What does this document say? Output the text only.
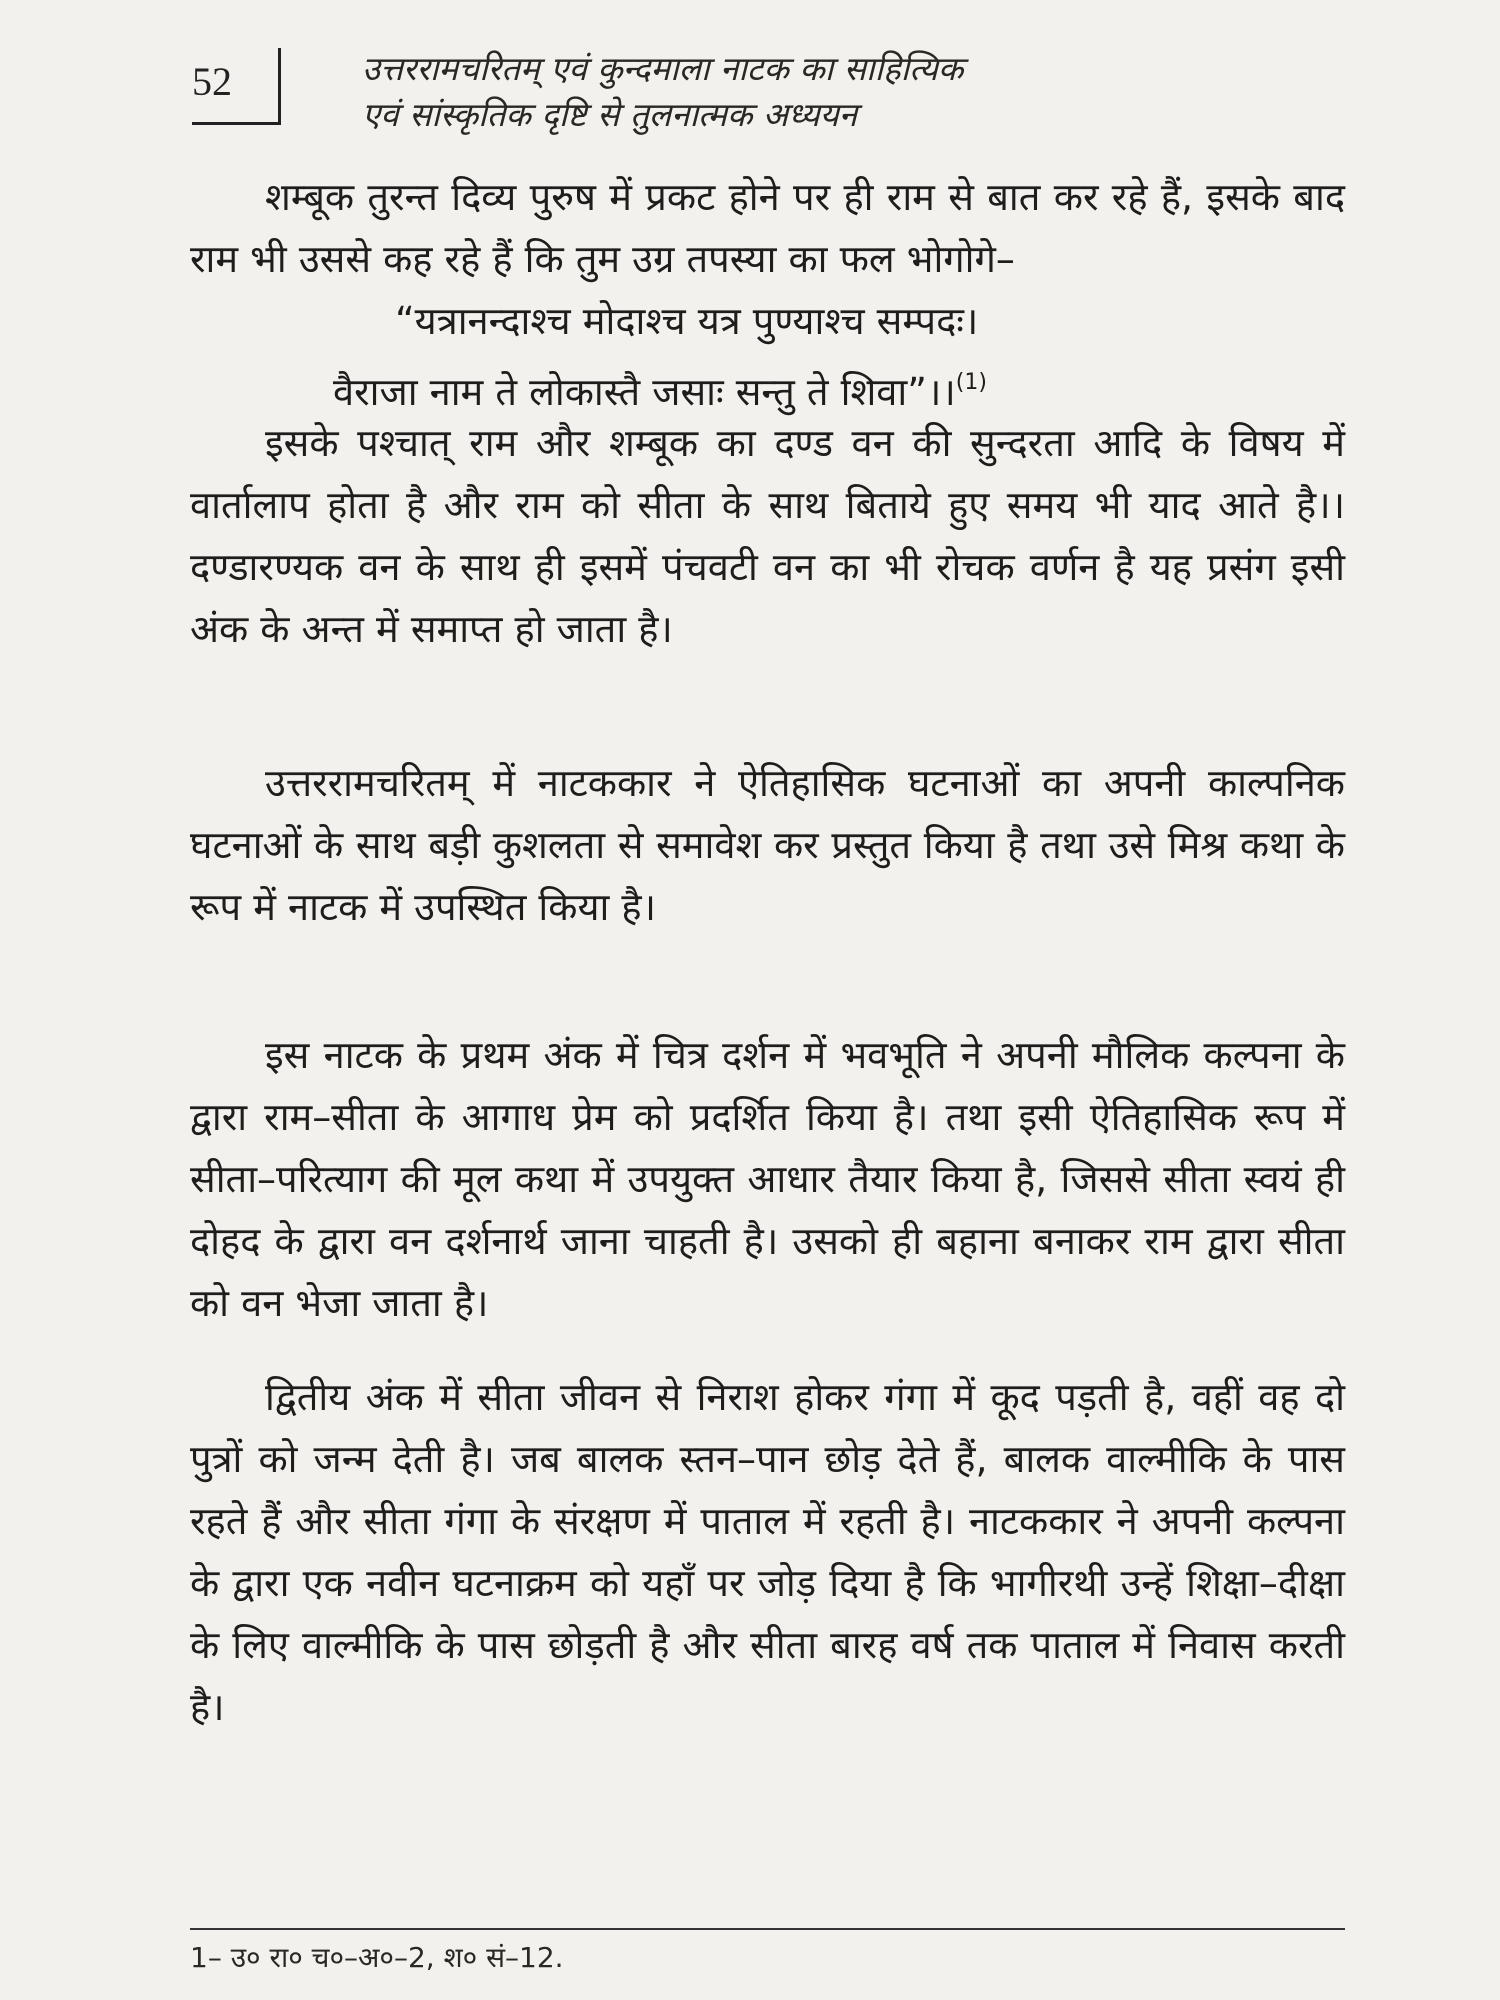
52	उत्तररामचरितम् एवं कुन्दमाला नाटक का साहित्यिक
एवं सांस्कृतिक दृष्टि से तुलनात्मक अध्ययन

शम्बूक तुरन्त दिव्य पुरुष में प्रकट होने पर ही राम से बात कर रहे हैं, इसके बाद राम भी उससे कह रहे हैं कि तुम उग्र तपस्या का फल भोगोगे–

“यत्रानन्दाश्च मोदाश्च यत्र पुण्याश्च सम्पदः।
वैराजा नाम ते लोकास्तै जसाः सन्तु ते शिवा”।।$^{(1)}$

इसके पश्चात् राम और शम्बूक का दण्ड वन की सुन्दरता आदि के विषय में वार्तालाप होता है और राम को सीता के साथ बिताये हुए समय भी याद आते है।। दण्डारण्यक वन के साथ ही इसमें पंचवटी वन का भी रोचक वर्णन है यह प्रसंग इसी अंक के अन्त में समाप्त हो जाता है।

उत्तररामचरितम् में नाटककार ने ऐतिहासिक घटनाओं का अपनी काल्पनिक घटनाओं के साथ बड़ी कुशलता से समावेश कर प्रस्तुत किया है तथा उसे मिश्र कथा के रूप में नाटक में उपस्थित किया है।

इस नाटक के प्रथम अंक में चित्र दर्शन में भवभूति ने अपनी मौलिक कल्पना के द्वारा राम–सीता के आगाध प्रेम को प्रदर्शित किया है। तथा इसी ऐतिहासिक रूप में सीता–परित्याग की मूल कथा में उपयुक्त आधार तैयार किया है, जिससे सीता स्वयं ही दोहद के द्वारा वन दर्शनार्थ जाना चाहती है। उसको ही बहाना बनाकर राम द्वारा सीता को वन भेजा जाता है।

द्वितीय अंक में सीता जीवन से निराश होकर गंगा में कूद पड़ती है, वहीं वह दो पुत्रों को जन्म देती है। जब बालक स्तन–पान छोड़ देते हैं, बालक वाल्मीकि के पास रहते हैं और सीता गंगा के संरक्षण में पाताल में रहती है। नाटककार ने अपनी कल्पना के द्वारा एक नवीन घटनाक्रम को यहाँ पर जोड़ दिया है कि भागीरथी उन्हें शिक्षा–दीक्षा के लिए वाल्मीकि के पास छोड़ती है और सीता बारह वर्ष तक पाताल में निवास करती है।

1– उ० रा० च०–अ०–2, श० सं–12.
